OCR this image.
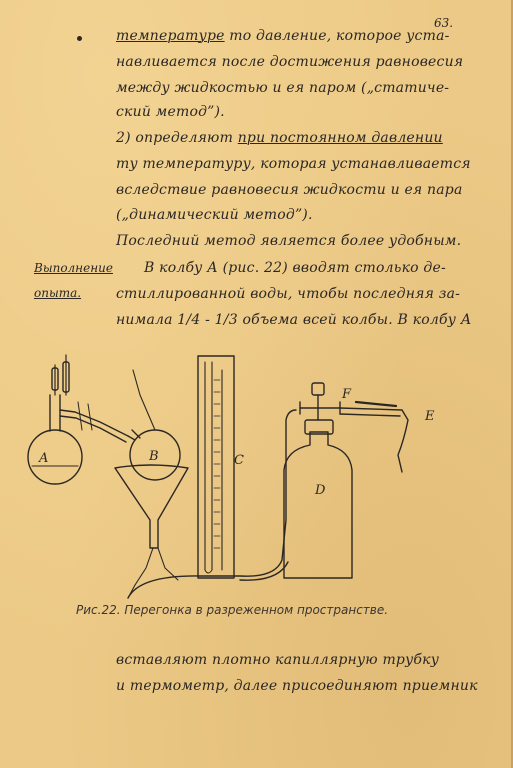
63.
температуре то давление, которое уста-
навливается после достижения равновесия
между жидкостью и ея паром („статиче-
ский метод”).
2) определяют при постоянном давлении
ту температуру, которая устанавливается
вследствие равновесия жидкости и ея пара
(„динамический метод”).
Последний метод является более удобным.
В колбу А (рис. 22) вводят столько де-
стиллированной воды, чтобы последняя за-
нимала 1/4 - 1/3 объема всей колбы. В колбу А
Выполнение
опыта.
A	B	C
D
E
F
Рис.22. Перегонка в разреженном пространстве.
вставляют плотно капиллярную трубку
и термометр, далее присоединяют приемник
